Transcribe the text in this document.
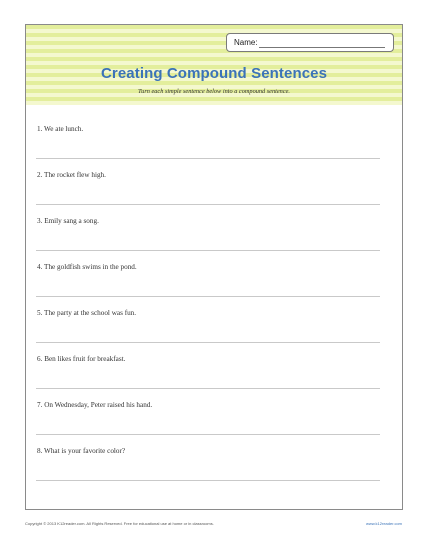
Name:
Creating Compound Sentences
Turn each simple sentence below into a compound sentence.
1. We ate lunch.
2. The rocket flew high.
3. Emily sang a song.
4. The goldfish swims in the pond.
5. The party at the school was fun.
6. Ben likes fruit for breakfast.
7. On Wednesday, Peter raised his hand.
8. What is your favorite color?
Copyright © 2013 K12reader.com. All Rights Reserved. Free for educational use at home or in classrooms.	www.k12reader.com
